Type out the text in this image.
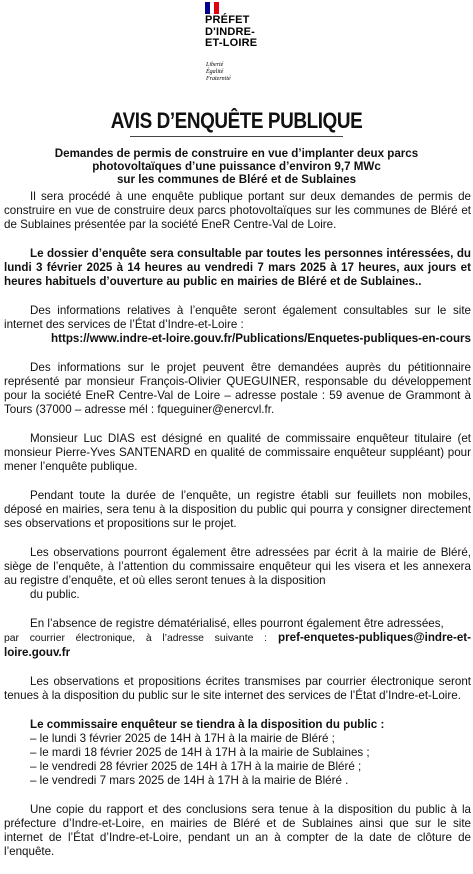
PRÉFET
D'INDRE-
ET-LOIRE
Liberté
Égalité
Fraternité
AVIS D’ENQUÊTE PUBLIQUE
Demandes de permis de construire en vue d’implanter deux parcs
photovoltaïques d’une puissance d’environ 9,7 MWc
sur les communes de Bléré et de Sublaines

Il sera procédé à une enquête publique portant sur deux demandes de permis de construire en vue de construire deux parcs photovoltaïques sur les communes de Bléré et de Sublaines présentée par la société EneR Centre-Val de Loire.

Le dossier d’enquête sera consultable par toutes les personnes intéressées, du lundi 3 février 2025 à 14 heures au vendredi 7 mars 2025 à 17 heures, aux jours et heures habituels d’ouverture au public en mairies de Bléré et de Sublaines..

Des informations relatives à l’enquête seront également consultables sur le site internet des services de l’État d’Indre-et-Loire :
https://www.indre-et-loire.gouv.fr/Publications/Enquetes-publiques-en-cours

Des informations sur le projet peuvent être demandées auprès du pétitionnaire représenté par monsieur François-Olivier QUEGUINER, responsable du développement pour la société EneR Centre-Val de Loire – adresse postale : 59 avenue de Grammont à Tours (37000 – adresse mél : fqueguiner@enercvl.fr.

Monsieur Luc DIAS est désigné en qualité de commissaire enquêteur titulaire (et monsieur Pierre-Yves SANTENARD en qualité de commissaire enquêteur suppléant) pour mener l’enquête publique.

Pendant toute la durée de l’enquête, un registre établi sur feuillets non mobiles, déposé en mairies, sera tenu à la disposition du public qui pourra y consigner directement ses observations et propositions sur le projet.

Les observations pourront également être adressées par écrit à la mairie de Bléré, siège de l’enquête, à l’attention du commissaire enquêteur qui les visera et les annexera au registre d’enquête, et où elles seront tenues à la disposition
du public.

En l’absence de registre dématérialisé, elles pourront également être adressées,
par courrier électronique, à l’adresse suivante : pref-enquetes-publiques@indre-et-loire.gouv.fr

Les observations et propositions écrites transmises par courrier électronique seront tenues à la disposition du public sur le site internet des services de l’État d’Indre-et-Loire.

Le commissaire enquêteur se tiendra à la disposition du public :

– le lundi 3 février 2025 de 14H à 17H à la mairie de Bléré ;
– le mardi 18 février 2025 de 14H à 17H à la mairie de Sublaines ;
– le vendredi 28 février 2025 de 14H à 17H à la mairie de Bléré ;
– le vendredi 7 mars 2025 de 14H à 17H à la mairie de Bléré .

Une copie du rapport et des conclusions sera tenue à la disposition du public à la préfecture d’Indre-et-Loire, en mairies de Bléré et de Sublaines ainsi que sur le site internet de l’État d’Indre-et-Loire, pendant un an à compter de la date de clôture de l’enquête.
